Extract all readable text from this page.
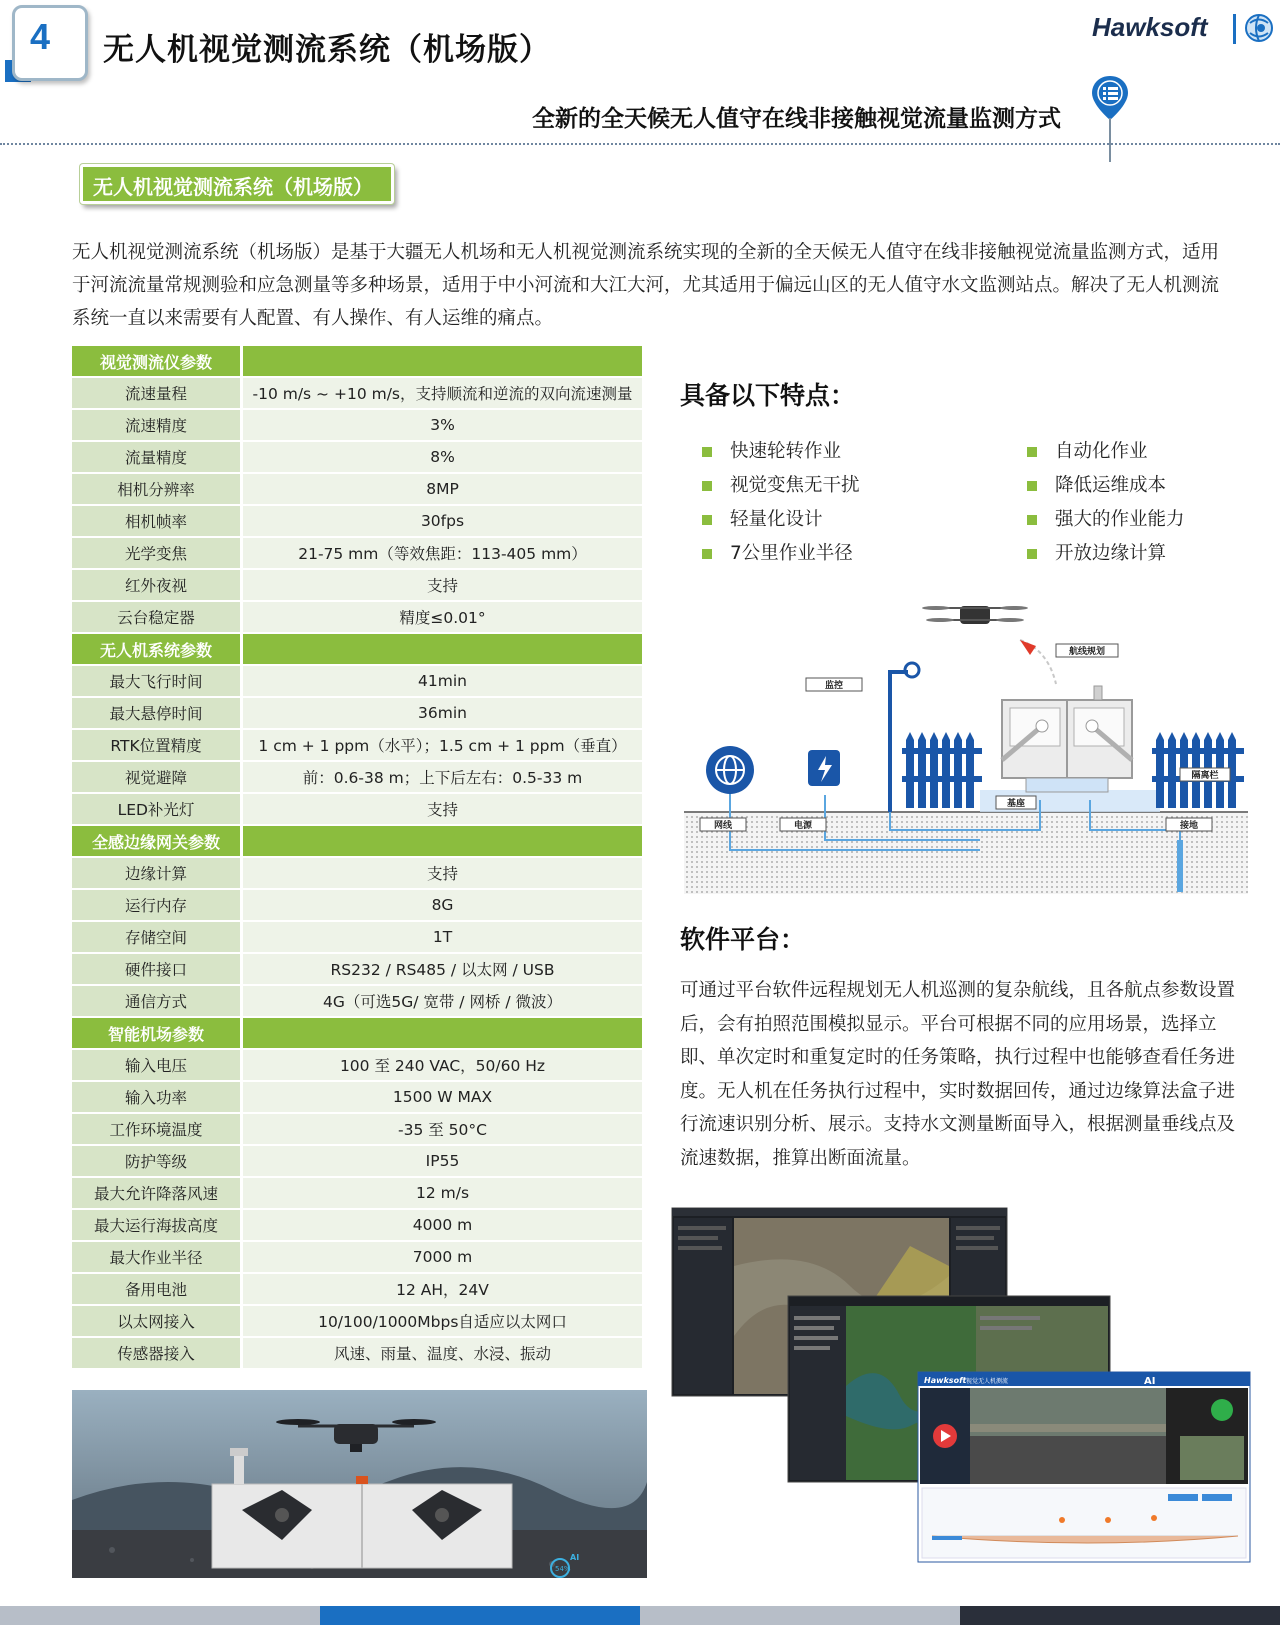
4 无人机视觉测流系统（机场版）
Hawksoft
全新的全天候无人值守在线非接触视觉流量监测方式
无人机视觉测流系统（机场版）
无人机视觉测流系统（机场版）是基于大疆无人机场和无人机视觉测流系统实现的全新的全天候无人值守在线非接触视觉流量监测方式，适用于河流流量常规测验和应急测量等多种场景，适用于中小河流和大江大河，尤其适用于偏远山区的无人值守水文监测站点。解决了无人机测流系统一直以来需要有人配置、有人操作、有人运维的痛点。
视觉测流仪参数	
流速量程	-10 m/s ~ +10 m/s，支持顺流和逆流的双向流速测量
流速精度	3%
流量精度	8%
相机分辨率	8MP
相机帧率	30fps
光学变焦	21-75 mm（等效焦距：113-405 mm）
红外夜视	支持
云台稳定器	精度≤0.01°
无人机系统参数	
最大飞行时间	41min
最大悬停时间	36min
RTK位置精度	1 cm + 1 ppm（水平）；1.5 cm + 1 ppm（垂直）
视觉避障	前：0.6-38 m；上下后左右：0.5-33 m
LED补光灯	支持
全感边缘网关参数	
边缘计算	支持
运行内存	8G
存储空间	1T
硬件接口	RS232 / RS485 / 以太网 / USB
通信方式	4G（可选5G/ 宽带 / 网桥 / 微波）
智能机场参数	
输入电压	100 至 240 VAC，50/60 Hz
输入功率	1500 W MAX
工作环境温度	-35 至 50°C
防护等级	IP55
最大允许降落风速	12 m/s
最大运行海拔高度	4000 m
最大作业半径	7000 m
备用电池	12 AH，24V
以太网接入	10/100/1000Mbps自适应以太网口
传感器接入	风速、雨量、温度、水浸、振动
具备以下特点：
快速轮转作业
视觉变焦无干扰
轻量化设计
7公里作业半径
自动化作业
降低运维成本
强大的作业能力
开放边缘计算
航线规划
监控
网线	电源
基座
隔离栏
接地
软件平台：
可通过平台软件远程规划无人机巡测的复杂航线，且各航点参数设置后，会有拍照范围模拟显示。平台可根据不同的应用场景，选择立即、单次定时和重复定时的任务策略，执行过程中也能够查看任务进度。无人机在任务执行过程中，实时数据回传，通过边缘算法盒子进行流速识别分析、展示。支持水文测量断面导入，根据测量垂线点及流速数据，推算出断面流量。
Hawksoft 视觉无人机测流	AI
54%
AI
